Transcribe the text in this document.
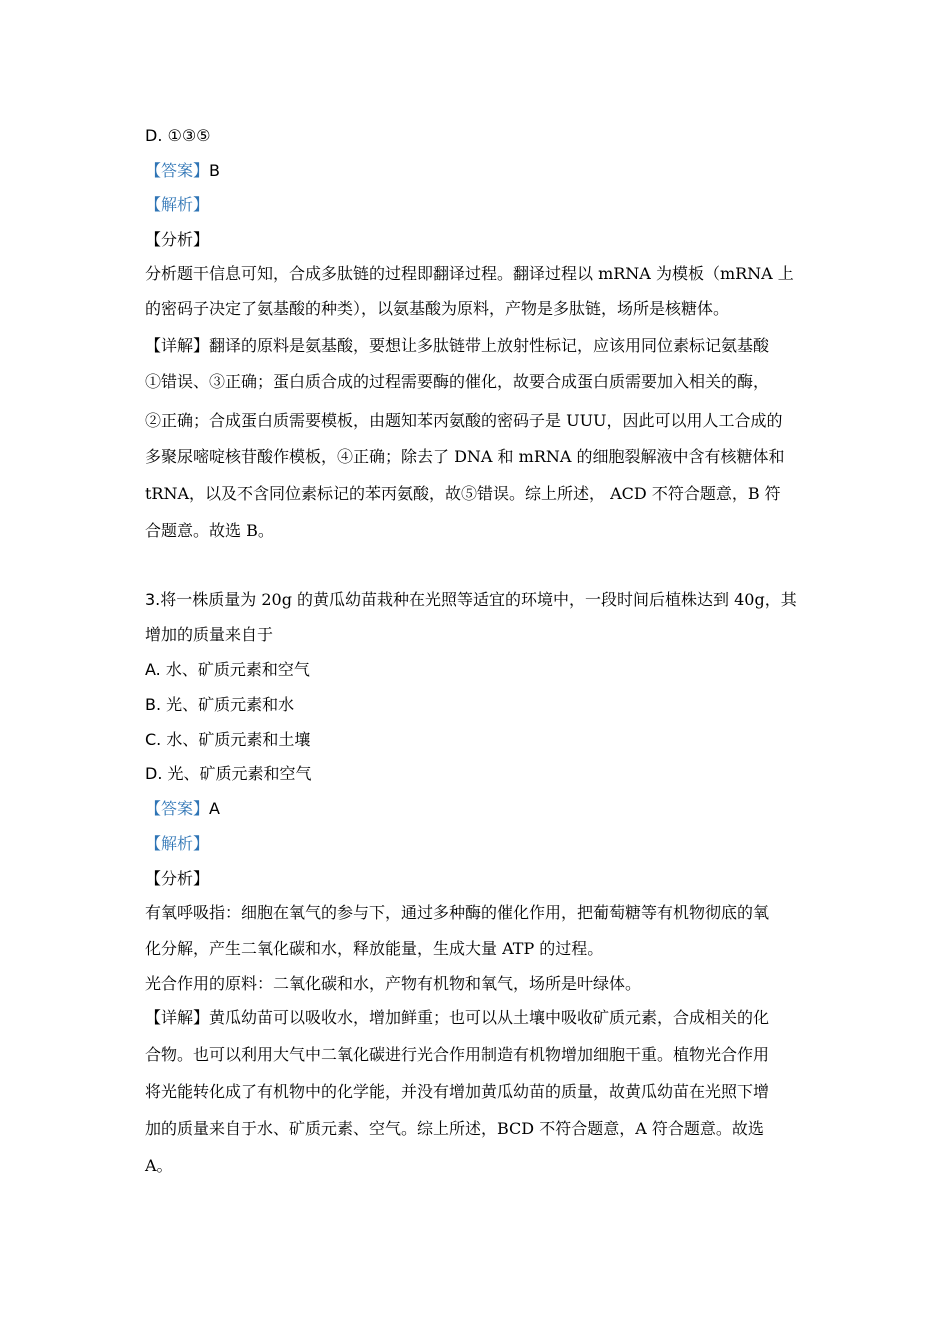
D. ①③⑤
【答案】B
【解析】
【分析】
分析题干信息可知，合成多肽链的过程即翻译过程。翻译过程以 mRNA 为模板（mRNA 上
的密码子决定了氨基酸的种类），以氨基酸为原料，产物是多肽链，场所是核糖体。
【详解】翻译的原料是氨基酸，要想让多肽链带上放射性标记，应该用同位素标记氨基酸
①错误、③正确；蛋白质合成的过程需要酶的催化，故要合成蛋白质需要加入相关的酶，
②正确；合成蛋白质需要模板，由题知苯丙氨酸的密码子是 UUU，因此可以用人工合成的
多聚尿嘧啶核苷酸作模板，④正确；除去了 DNA 和 mRNA 的细胞裂解液中含有核糖体和
tRNA，以及不含同位素标记的苯丙氨酸，故⑤错误。综上所述， ACD 不符合题意，B 符
合题意。故选 B。
3.将一株质量为 20g 的黄瓜幼苗栽种在光照等适宜的环境中，一段时间后植株达到 40g，其
增加的质量来自于
A. 水、矿质元素和空气
B. 光、矿质元素和水
C. 水、矿质元素和土壤
D. 光、矿质元素和空气
【答案】A
【解析】
【分析】
有氧呼吸指：细胞在氧气的参与下，通过多种酶的催化作用，把葡萄糖等有机物彻底的氧
化分解，产生二氧化碳和水，释放能量，生成大量 ATP 的过程。
光合作用的原料：二氧化碳和水，产物有机物和氧气，场所是叶绿体。
【详解】黄瓜幼苗可以吸收水，增加鲜重；也可以从土壤中吸收矿质元素，合成相关的化
合物。也可以利用大气中二氧化碳进行光合作用制造有机物增加细胞干重。植物光合作用
将光能转化成了有机物中的化学能，并没有增加黄瓜幼苗的质量，故黄瓜幼苗在光照下增
加的质量来自于水、矿质元素、空气。综上所述，BCD 不符合题意，A 符合题意。故选
A。
